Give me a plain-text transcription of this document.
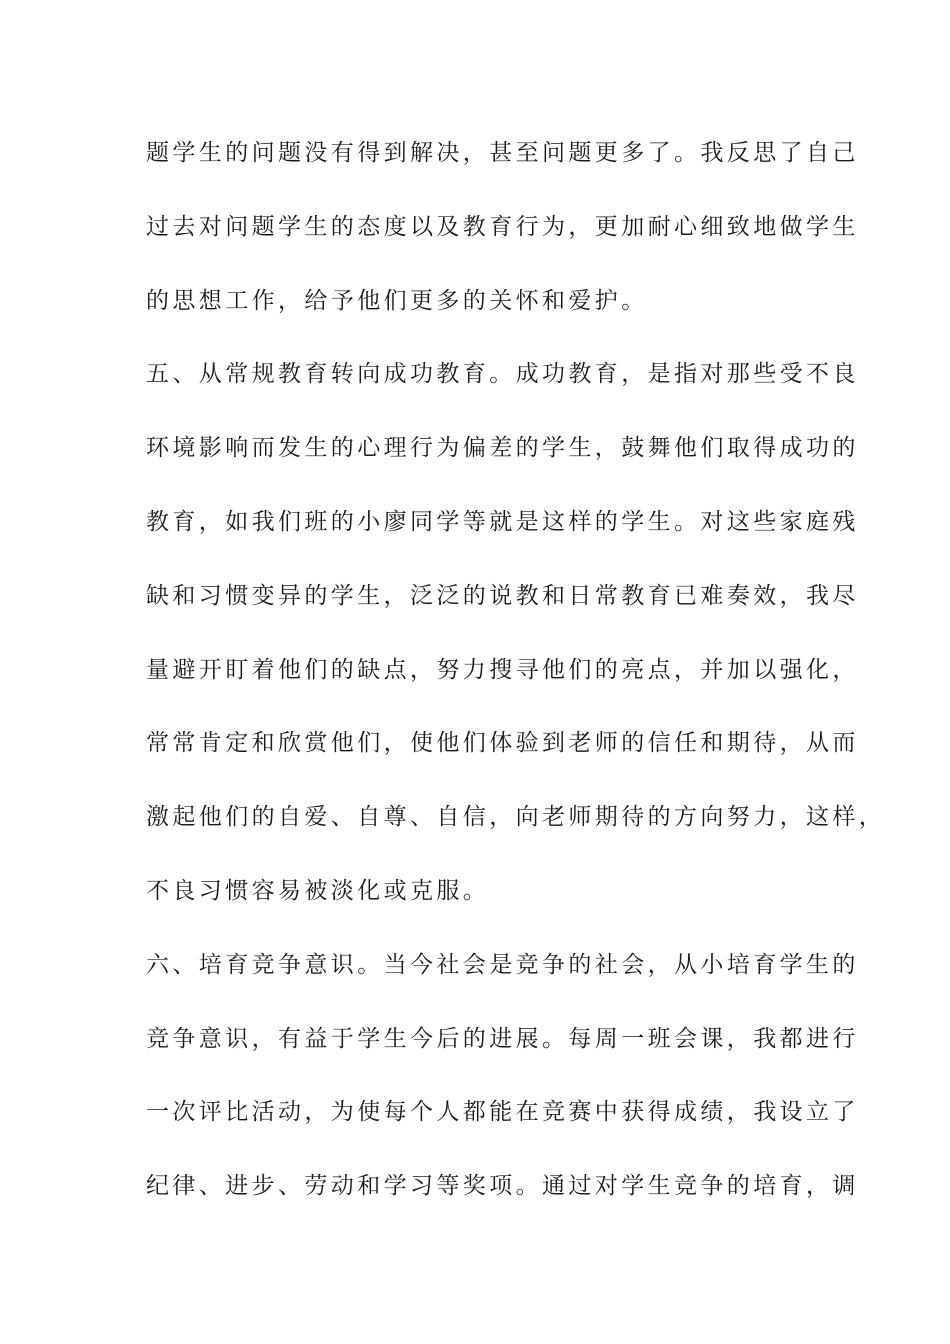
题学生的问题没有得到解决，甚至问题更多了。我反思了自己
过去对问题学生的态度以及教育行为，更加耐心细致地做学生
的思想工作，给予他们更多的关怀和爱护。
五、从常规教育转向成功教育。成功教育，是指对那些受不良
环境影响而发生的心理行为偏差的学生，鼓舞他们取得成功的
教育，如我们班的小廖同学等就是这样的学生。对这些家庭残
缺和习惯变异的学生，泛泛的说教和日常教育已难奏效，我尽
量避开盯着他们的缺点，努力搜寻他们的亮点，并加以强化，
常常肯定和欣赏他们，使他们体验到老师的信任和期待，从而
激起他们的自爱、自尊、自信，向老师期待的方向努力，这样，
不良习惯容易被淡化或克服。
六、培育竞争意识。当今社会是竞争的社会，从小培育学生的
竞争意识，有益于学生今后的进展。每周一班会课，我都进行
一次评比活动，为使每个人都能在竞赛中获得成绩，我设立了
纪律、进步、劳动和学习等奖项。通过对学生竞争的培育，调
